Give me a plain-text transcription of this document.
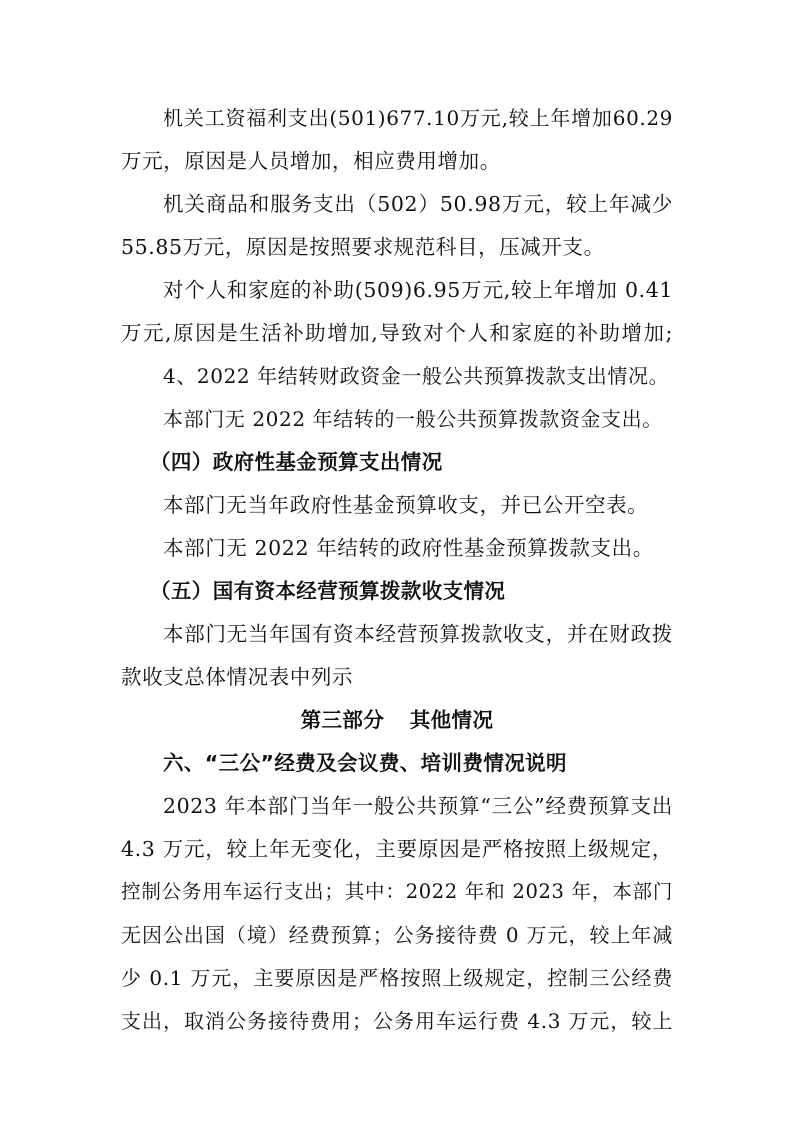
机关工资福利支出(501)677.10万元,较上年增加60.29
万元，原因是人员增加，相应费用增加。
机关商品和服务支出（502）50.98万元，较上年减少
55.85万元，原因是按照要求规范科目，压减开支。
对个人和家庭的补助(509)6.95万元,较上年增加 0.41
万元,原因是生活补助增加,导致对个人和家庭的补助增加;
4、2022 年结转财政资金一般公共预算拨款支出情况。
本部门无 2022 年结转的一般公共预算拨款资金支出。
（四）政府性基金预算支出情况
本部门无当年政府性基金预算收支，并已公开空表。
本部门无 2022 年结转的政府性基金预算拨款支出。
（五）国有资本经营预算拨款收支情况
本部门无当年国有资本经营预算拨款收支，并在财政拨
款收支总体情况表中列示
第三部分 其他情况
六、“三公”经费及会议费、培训费情况说明
2023 年本部门当年一般公共预算“三公”经费预算支出
4.3 万元，较上年无变化，主要原因是严格按照上级规定，
控制公务用车运行支出；其中：2022 年和 2023 年，本部门
无因公出国（境）经费预算；公务接待费 0 万元，较上年减
少 0.1 万元，主要原因是严格按照上级规定，控制三公经费
支出，取消公务接待费用；公务用车运行费 4.3 万元，较上
